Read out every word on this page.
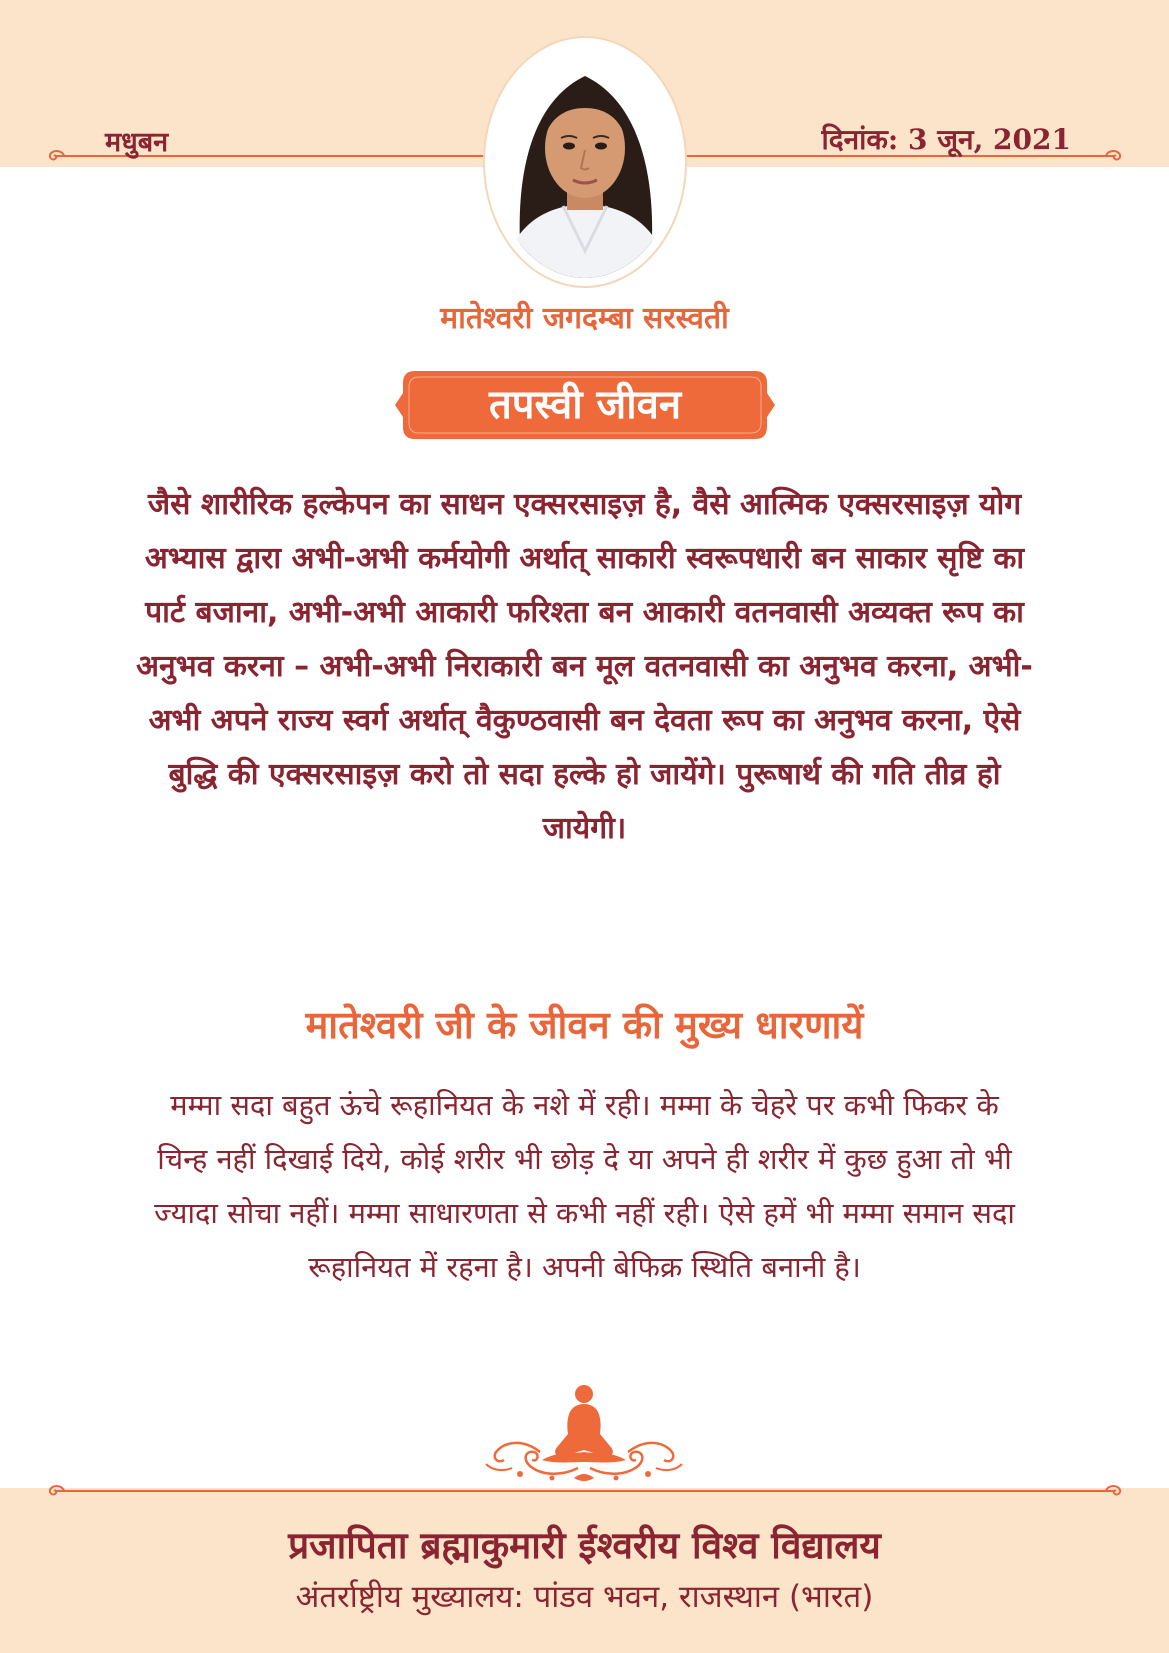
मधुबन	दिनांक: 3 जून, 2021
मातेश्वरी जगदम्बा सरस्वती
तपस्वी जीवन

जैसे शारीरिक हल्केपन का साधन एक्सरसाइज़ है, वैसे आत्मिक एक्सरसाइज़ योग अभ्यास द्वारा अभी-अभी कर्मयोगी अर्थात् साकारी स्वरूपधारी बन साकार सृष्टि का पार्ट बजाना, अभी-अभी आकारी फरिश्ता बन आकारी वतनवासी अव्यक्त रूप का अनुभव करना – अभी-अभी निराकारी बन मूल वतनवासी का अनुभव करना, अभी-अभी अपने राज्य स्वर्ग अर्थात् वैकुण्ठवासी बन देवता रूप का अनुभव करना, ऐसे बुद्धि की एक्सरसाइज़ करो तो सदा हल्के हो जायेंगे। पुरूषार्थ की गति तीव्र हो जायेगी।

मातेश्वरी जी के जीवन की मुख्य धारणायें

मम्मा सदा बहुत ऊंचे रूहानियत के नशे में रही। मम्मा के चेहरे पर कभी फिकर के चिन्ह नहीं दिखाई दिये, कोई शरीर भी छोड़ दे या अपने ही शरीर में कुछ हुआ तो भी ज्यादा सोचा नहीं। मम्मा साधारणता से कभी नहीं रही। ऐसे हमें भी मम्मा समान सदा रूहानियत में रहना है। अपनी बेफिक्र स्थिति बनानी है।

प्रजापिता ब्रह्माकुमारी ईश्वरीय विश्व विद्यालय
अंतर्राष्ट्रीय मुख्यालय: पांडव भवन, राजस्थान (भारत)
